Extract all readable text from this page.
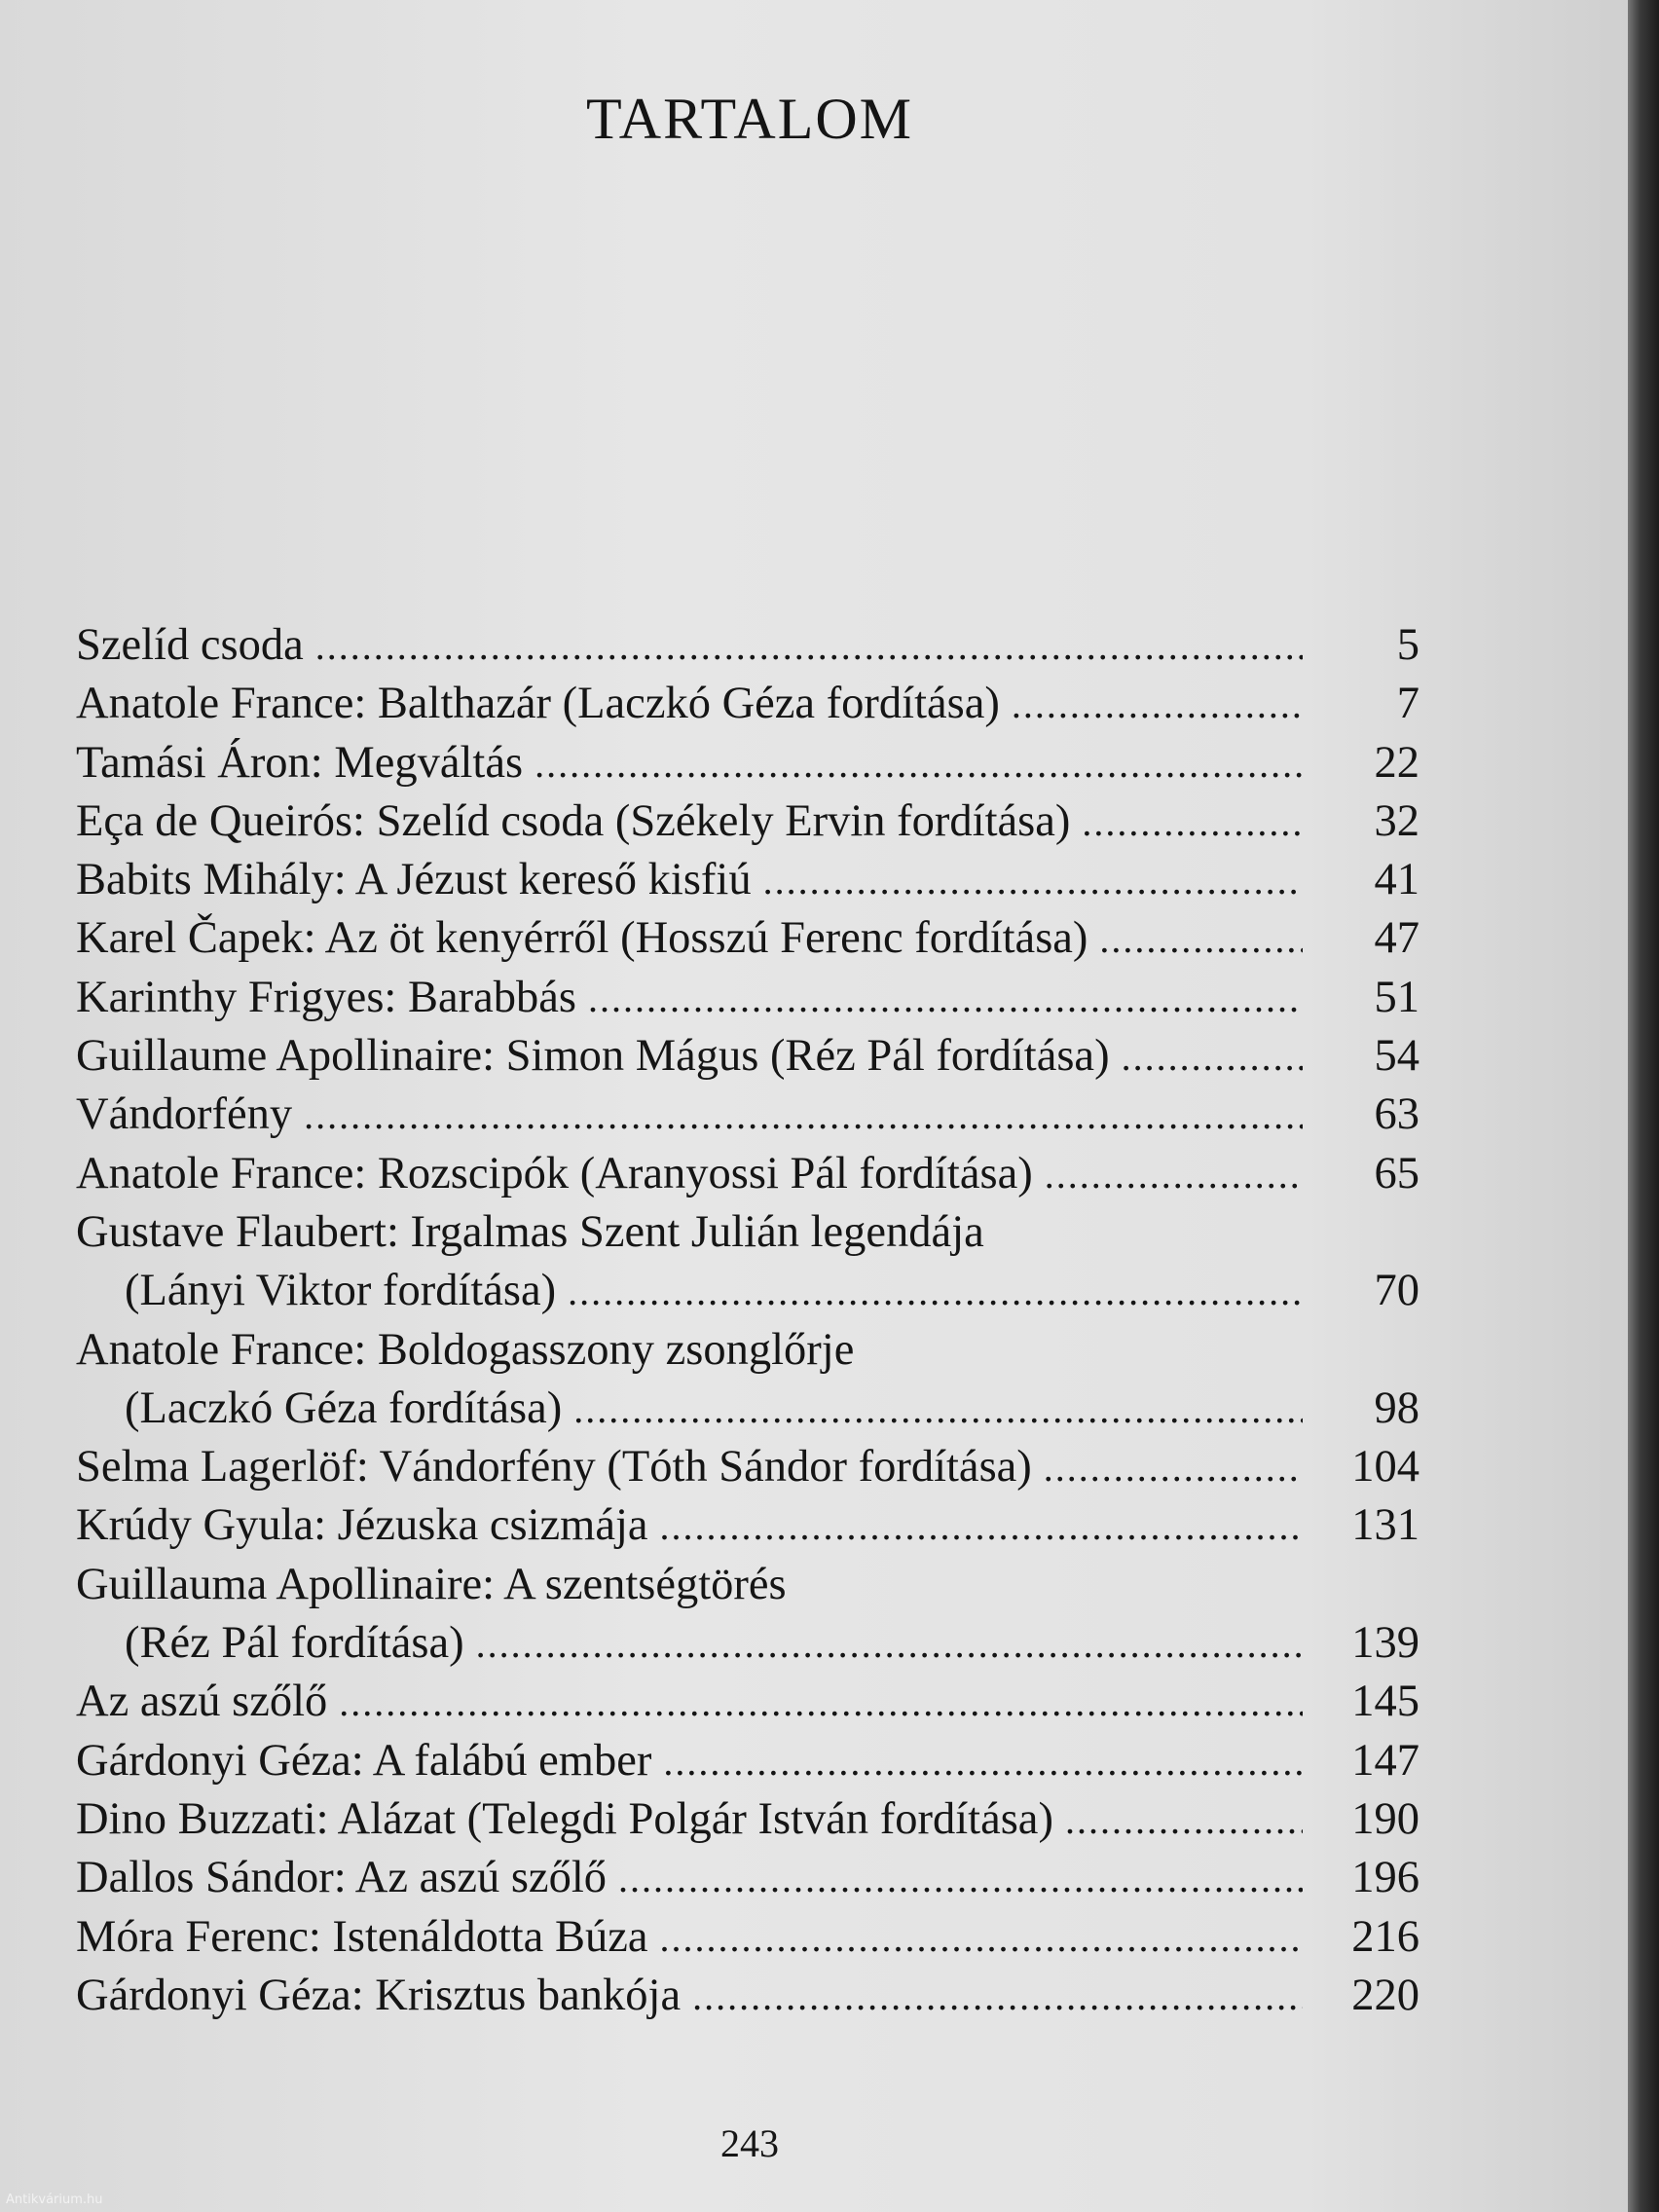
TARTALOM
Szelíd csoda .....	5
Anatole France: Balthazár (Laczkó Géza fordítása) .....	7
Tamási Áron: Megváltás .....	22
Eça de Queirós: Szelíd csoda (Székely Ervin fordítása) .....	32
Babits Mihály: A Jézust kereső kisfiú .....	41
Karel Čapek: Az öt kenyérről (Hosszú Ferenc fordítása) .....	47
Karinthy Frigyes: Barabbás .....	51
Guillaume Apollinaire: Simon Mágus (Réz Pál fordítása) .....	54
Vándorfény .....	63
Anatole France: Rozscipók (Aranyossi Pál fordítása) .....	65
Gustave Flaubert: Irgalmas Szent Julián legendája
(Lányi Viktor fordítása) .....	70
Anatole France: Boldogasszony zsonglőrje
(Laczkó Géza fordítása) .....	98
Selma Lagerlöf: Vándorfény (Tóth Sándor fordítása) .....	104
Krúdy Gyula: Jézuska csizmája .....	131
Guillauma Apollinaire: A szentségtörés
(Réz Pál fordítása) .....	139
Az aszú szőlő .....	145
Gárdonyi Géza: A falábú ember .....	147
Dino Buzzati: Alázat (Telegdi Polgár István fordítása) .....	190
Dallos Sándor: Az aszú szőlő .....	196
Móra Ferenc: Istenáldotta Búza .....	216
Gárdonyi Géza: Krisztus bankója .....	220
243
Antikvárium.hu
